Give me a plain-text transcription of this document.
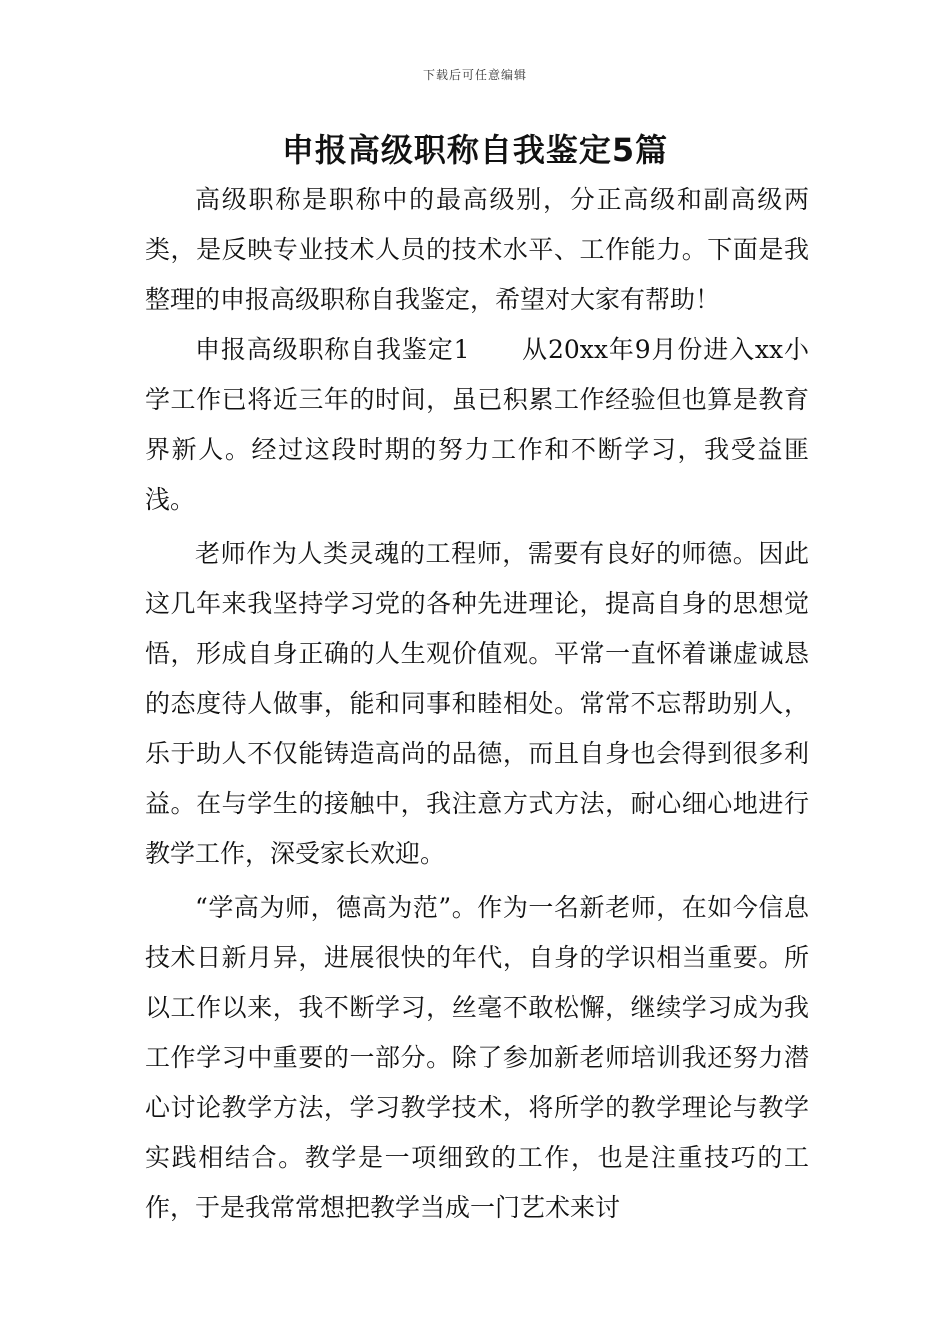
下载后可任意编辑
申报高级职称自我鉴定5篇

高级职称是职称中的最高级别，分正高级和副高级两类，是反映专业技术人员的技术水平、工作能力。下面是我整理的申报高级职称自我鉴定，希望对大家有帮助！

申报高级职称自我鉴定1　　从20xx年9月份进入xx小学工作已将近三年的时间，虽已积累工作经验但也算是教育界新人。经过这段时期的努力工作和不断学习，我受益匪浅。

老师作为人类灵魂的工程师，需要有良好的师德。因此这几年来我坚持学习党的各种先进理论，提高自身的思想觉悟，形成自身正确的人生观价值观。平常一直怀着谦虚诚恳的态度待人做事，能和同事和睦相处。常常不忘帮助别人，乐于助人不仅能铸造高尚的品德，而且自身也会得到很多利益。在与学生的接触中，我注意方式方法，耐心细心地进行教学工作，深受家长欢迎。

“学高为师，德高为范”。作为一名新老师，在如今信息技术日新月异，进展很快的年代，自身的学识相当重要。所以工作以来，我不断学习，丝毫不敢松懈，继续学习成为我工作学习中重要的一部分。除了参加新老师培训我还努力潜心讨论教学方法，学习教学技术，将所学的教学理论与教学实践相结合。教学是一项细致的工作，也是注重技巧的工作，于是我常常想把教学当成一门艺术来讨
